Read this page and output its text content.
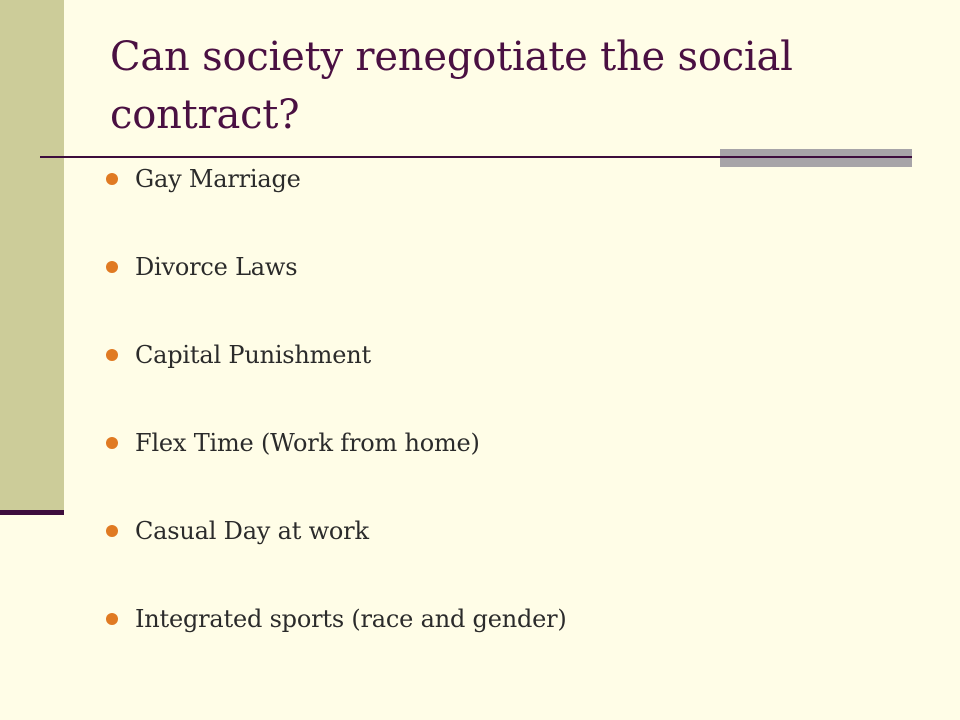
Can society renegotiate the social contract?
Gay Marriage
Divorce Laws
Capital Punishment
Flex Time (Work from home)
Casual Day at work
Integrated sports (race and gender)
